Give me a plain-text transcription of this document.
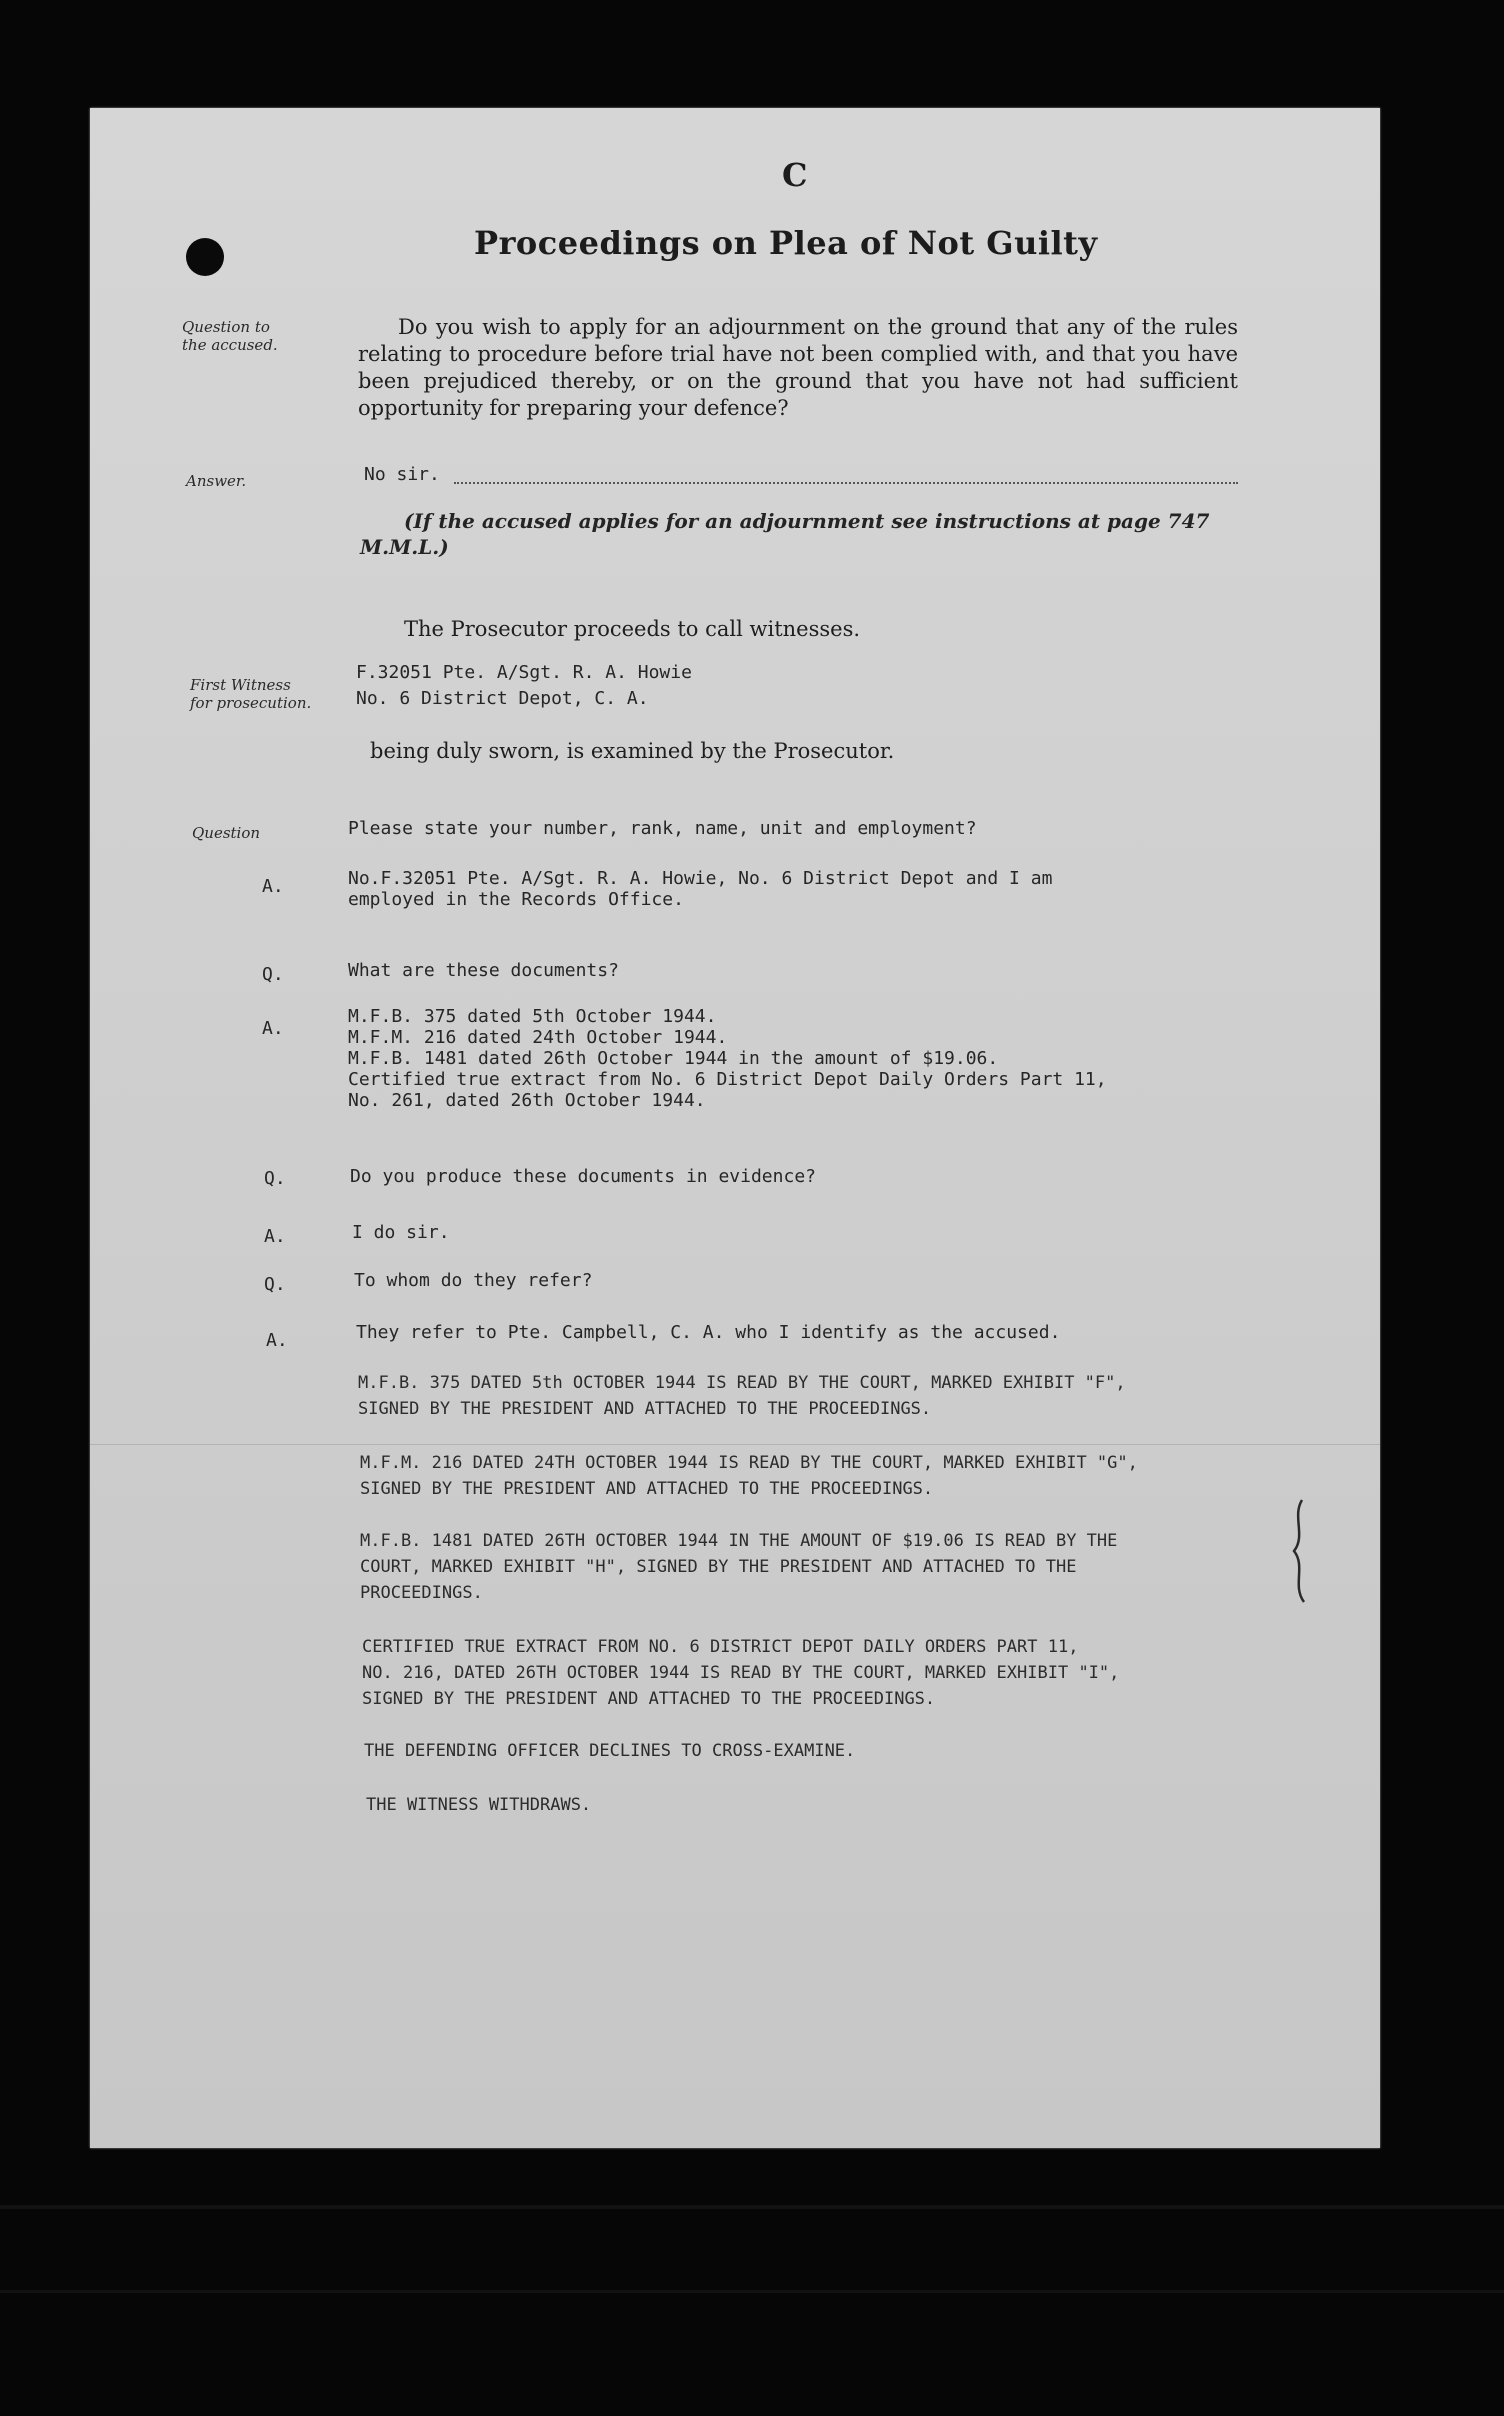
C
Proceedings on Plea of Not Guilty
Question to
the accused.
Do you wish to apply for an adjournment on the ground that any of the rules relating to procedure before trial have not been complied with, and that you have been prejudiced thereby, or on the ground that you have not had sufficient opportunity for preparing your defence?
Answer.	No sir.
(If the accused applies for an adjournment see instructions at page 747 M.M.L.)
The Prosecutor proceeds to call witnesses.
First Witness
for prosecution.
F.32051 Pte. A/Sgt. R. A. Howie
No. 6 District Depot, C. A.
being duly sworn, is examined by the Prosecutor.
Question	Please state your number, rank, name, unit and employment?
A.	No.F.32051 Pte. A/Sgt. R. A. Howie, No. 6 District Depot and I am
employed in the Records Office.
Q.	What are these documents?
A.
M.F.B. 375 dated 5th October 1944.
M.F.M. 216 dated 24th October 1944.
M.F.B. 1481 dated 26th October 1944 in the amount of $19.06.
Certified true extract from No. 6 District Depot Daily Orders Part 11,
No. 261, dated 26th October 1944.
Q.	Do you produce these documents in evidence?
A.	I do sir.
Q.	To whom do they refer?
A.	They refer to Pte. Campbell, C. A. who I identify as the accused.
M.F.B. 375 DATED 5th OCTOBER 1944 IS READ BY THE COURT, MARKED EXHIBIT "F",
SIGNED BY THE PRESIDENT AND ATTACHED TO THE PROCEEDINGS.
M.F.M. 216 DATED 24TH OCTOBER 1944 IS READ BY THE COURT, MARKED EXHIBIT "G",
SIGNED BY THE PRESIDENT AND ATTACHED TO THE PROCEEDINGS.
M.F.B. 1481 DATED 26TH OCTOBER 1944 IN THE AMOUNT OF $19.06 IS READ BY THE
COURT, MARKED EXHIBIT "H", SIGNED BY THE PRESIDENT AND ATTACHED TO THE
PROCEEDINGS.
CERTIFIED TRUE EXTRACT FROM NO. 6 DISTRICT DEPOT DAILY ORDERS PART 11,
NO. 216, DATED 26TH OCTOBER 1944 IS READ BY THE COURT, MARKED EXHIBIT "I",
SIGNED BY THE PRESIDENT AND ATTACHED TO THE PROCEEDINGS.
THE DEFENDING OFFICER DECLINES TO CROSS-EXAMINE.
THE WITNESS WITHDRAWS.
